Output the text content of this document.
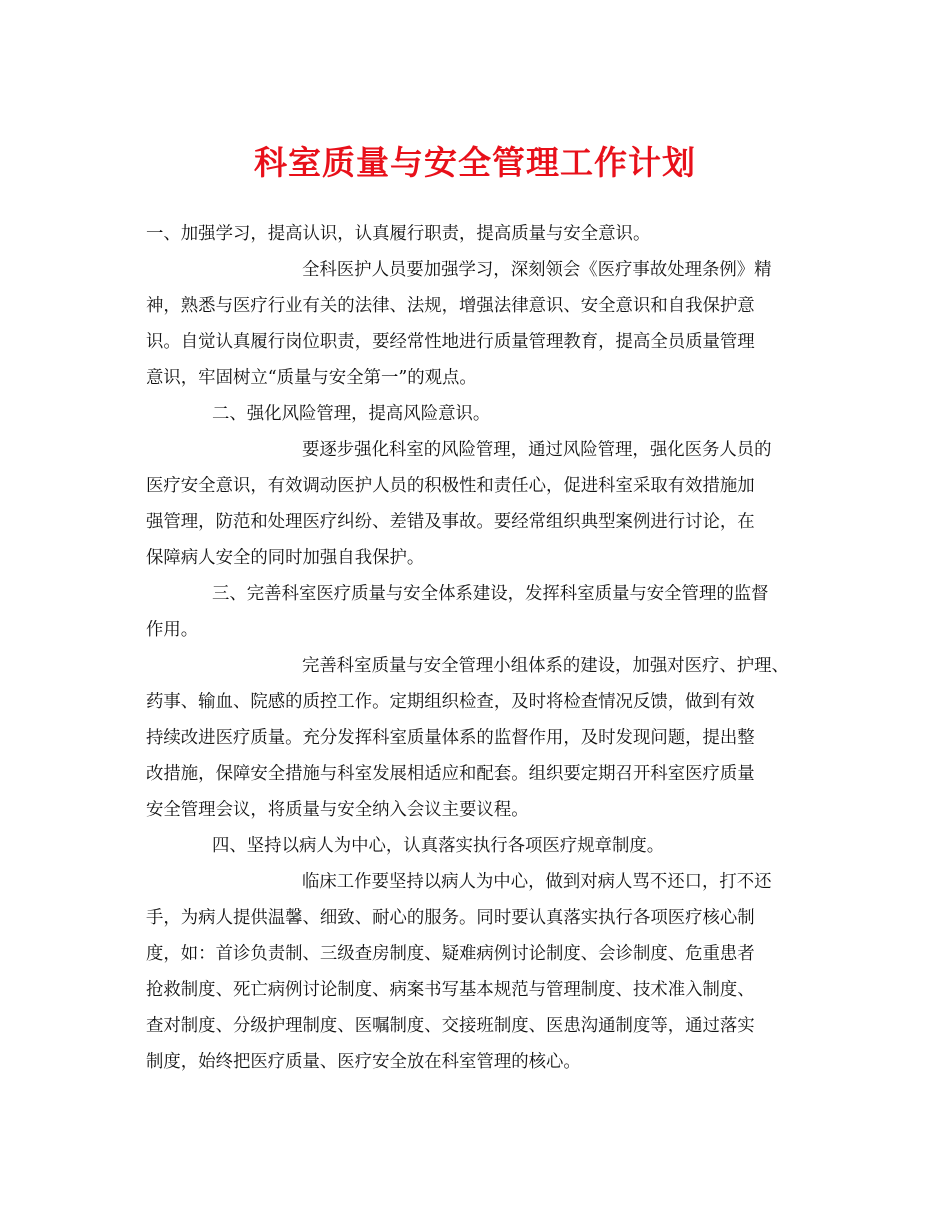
科室质量与安全管理工作计划
一、加强学习，提高认识，认真履行职责，提高质量与安全意识。
全科医护人员要加强学习，深刻领会《医疗事故处理条例》精
神，熟悉与医疗行业有关的法律、法规，增强法律意识、安全意识和自我保护意
识。自觉认真履行岗位职责，要经常性地进行质量管理教育，提高全员质量管理
意识，牢固树立“质量与安全第一”的观点。
二、强化风险管理，提高风险意识。
要逐步强化科室的风险管理，通过风险管理，强化医务人员的
医疗安全意识，有效调动医护人员的积极性和责任心，促进科室采取有效措施加
强管理，防范和处理医疗纠纷、差错及事故。要经常组织典型案例进行讨论，在
保障病人安全的同时加强自我保护。
三、完善科室医疗质量与安全体系建设，发挥科室质量与安全管理的监督
作用。
完善科室质量与安全管理小组体系的建设，加强对医疗、护理、
药事、输血、院感的质控工作。定期组织检查，及时将检查情况反馈，做到有效
持续改进医疗质量。充分发挥科室质量体系的监督作用，及时发现问题，提出整
改措施，保障安全措施与科室发展相适应和配套。组织要定期召开科室医疗质量
安全管理会议，将质量与安全纳入会议主要议程。
四、坚持以病人为中心，认真落实执行各项医疗规章制度。
临床工作要坚持以病人为中心，做到对病人骂不还口，打不还
手，为病人提供温馨、细致、耐心的服务。同时要认真落实执行各项医疗核心制
度，如：首诊负责制、三级查房制度、疑难病例讨论制度、会诊制度、危重患者
抢救制度、死亡病例讨论制度、病案书写基本规范与管理制度、技术准入制度、
查对制度、分级护理制度、医嘱制度、交接班制度、医患沟通制度等，通过落实
制度，始终把医疗质量、医疗安全放在科室管理的核心。
